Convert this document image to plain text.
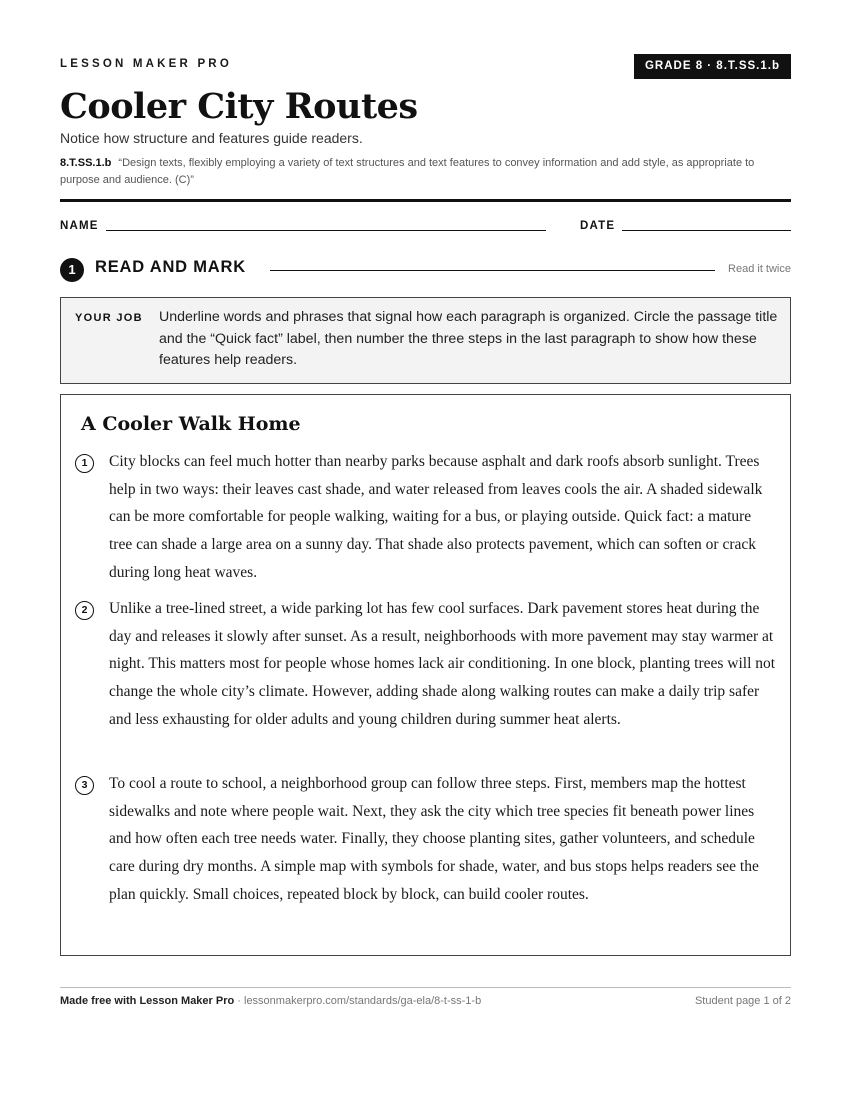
LESSON MAKER PRO	GRADE 8 · 8.T.SS.1.b
Cooler City Routes
Notice how structure and features guide readers.
8.T.SS.1.b “Design texts, flexibly employing a variety of text structures and text features to convey information and add style, as appropriate to purpose and audience. (C)”
NAME	DATE
1	READ AND MARK	Read it twice
YOUR JOB Underline words and phrases that signal how each paragraph is organized. Circle the passage title and the “Quick fact” label, then number the three steps in the last paragraph to show how these features help readers.
A Cooler Walk Home
1	City blocks can feel much hotter than nearby parks because asphalt and dark roofs absorb sunlight. Trees help in two ways: their leaves cast shade, and water released from leaves cools the air. A shaded sidewalk can be more comfortable for people walking, waiting for a bus, or playing outside. Quick fact: a mature tree can shade a large area on a sunny day. That shade also protects pavement, which can soften or crack during long heat waves.
2	Unlike a tree-lined street, a wide parking lot has few cool surfaces. Dark pavement stores heat during the day and releases it slowly after sunset. As a result, neighborhoods with more pavement may stay warmer at night. This matters most for people whose homes lack air conditioning. In one block, planting trees will not change the whole city’s climate. However, adding shade along walking routes can make a daily trip safer and less exhausting for older adults and young children during summer heat alerts.
3	To cool a route to school, a neighborhood group can follow three steps. First, members map the hottest sidewalks and note where people wait. Next, they ask the city which tree species fit beneath power lines and how often each tree needs water. Finally, they choose planting sites, gather volunteers, and schedule care during dry months. A simple map with symbols for shade, water, and bus stops helps readers see the plan quickly. Small choices, repeated block by block, can build cooler routes.
Made free with Lesson Maker Pro · lessonmakerpro.com/standards/ga-ela/8-t-ss-1-b	Student page 1 of 2
